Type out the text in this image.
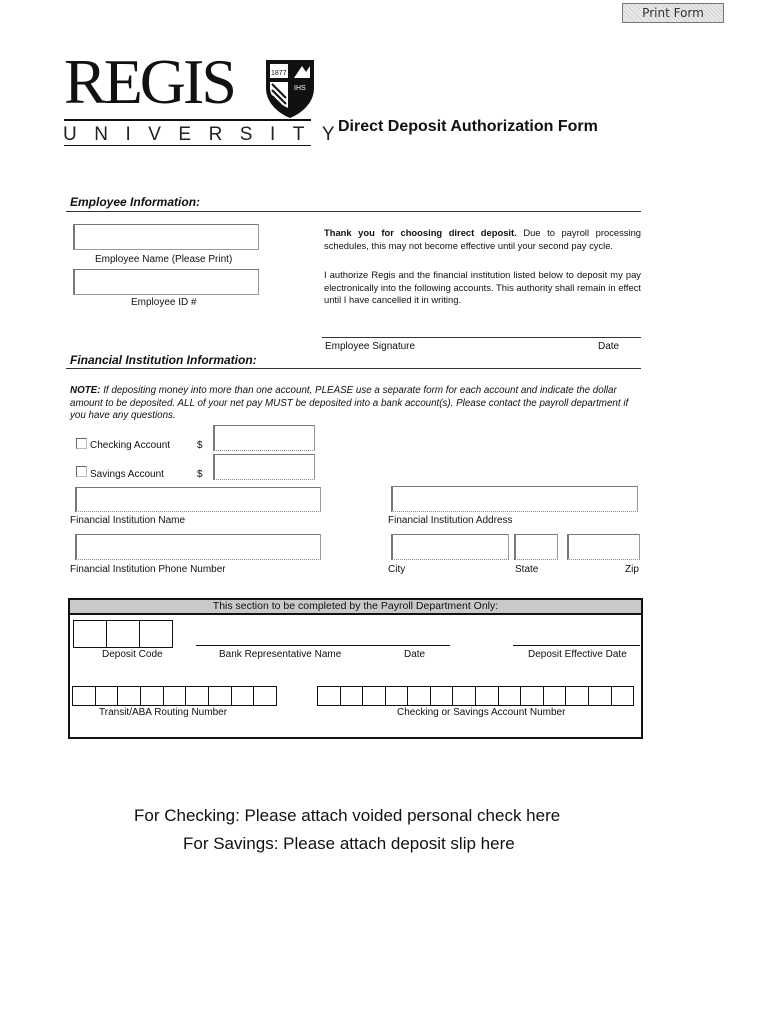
Print Form
REGIS	1877
IHS
UNIVERSITY
Direct Deposit Authorization Form
Employee Information:
Employee Name (Please Print)
Employee ID #
Thank you for choosing direct deposit. Due to payroll processing schedules, this may not become effective until your second pay cycle.
I authorize Regis and the financial institution listed below to deposit my pay electronically into the following accounts. This authority shall remain in effect until I have cancelled it in writing.
Employee Signature	Date
Financial Institution Information:
NOTE: If depositing money into more than one account, PLEASE use a separate form for each account and indicate the dollar amount to be deposited. ALL of your net pay MUST be deposited into a bank account(s). Please contact the payroll department if you have any questions.
Checking Account	$
Savings Account	$
Financial Institution Name	Financial Institution Address
Financial Institution Phone Number	City	State	Zip
This section to be completed by the Payroll Department Only:
Deposit Code	Bank Representative Name	Date	Deposit Effective Date
Transit/ABA Routing Number	Checking or Savings Account Number
For Checking: Please attach voided personal check here
For Savings: Please attach deposit slip here
